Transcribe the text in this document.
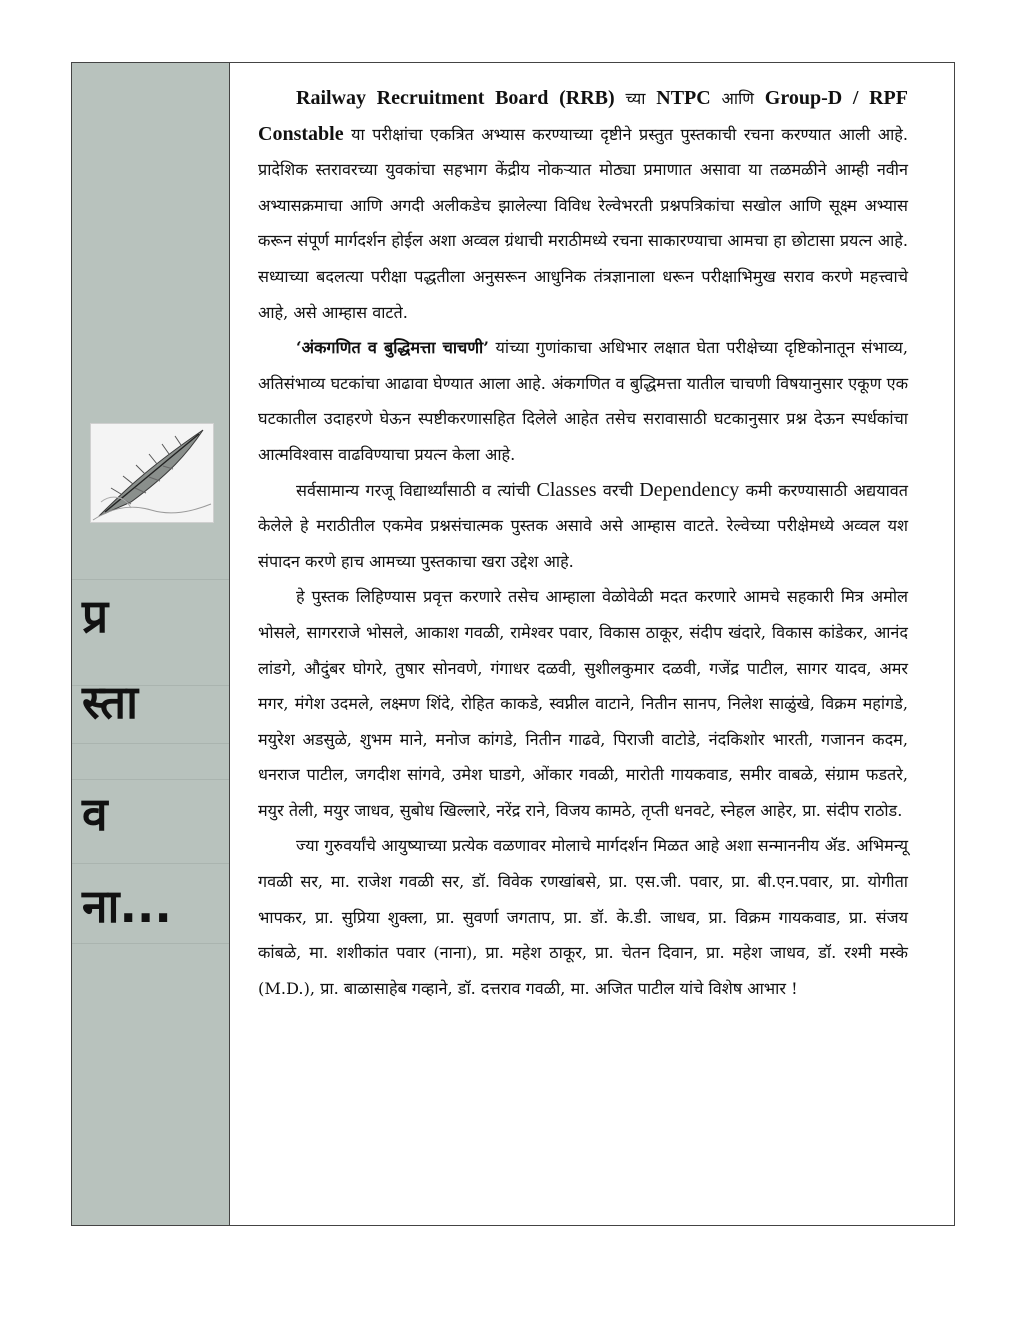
प्र
स्ता
व
ना...

Railway Recruitment Board (RRB) च्या NTPC आणि Group-D / RPF Constable या परीक्षांचा एकत्रित अभ्यास करण्याच्या दृष्टीने प्रस्तुत पुस्तकाची रचना करण्यात आली आहे. प्रादेशिक स्तरावरच्या युवकांचा सहभाग केंद्रीय नोकऱ्यात मोठ्या प्रमाणात असावा या तळमळीने आम्ही नवीन अभ्यासक्रमाचा आणि अगदी अलीकडेच झालेल्या विविध रेल्वेभरती प्रश्नपत्रिकांचा सखोल आणि सूक्ष्म अभ्यास करून संपूर्ण मार्गदर्शन होईल अशा अव्वल ग्रंथाची मराठीमध्ये रचना साकारण्याचा आमचा हा छोटासा प्रयत्न आहे. सध्याच्या बदलत्या परीक्षा पद्धतीला अनुसरून आधुनिक तंत्रज्ञानाला धरून परीक्षाभिमुख सराव करणे महत्त्वाचे आहे, असे आम्हास वाटते.

‘अंकगणित व बुद्धिमत्ता चाचणी’ यांच्या गुणांकाचा अधिभार लक्षात घेता परीक्षेच्या दृष्टिकोनातून संभाव्य, अतिसंभाव्य घटकांचा आढावा घेण्यात आला आहे. अंकगणित व बुद्धिमत्ता यातील चाचणी विषयानुसार एकूण एक घटकातील उदाहरणे घेऊन स्पष्टीकरणासहित दिलेले आहेत तसेच सरावासाठी घटकानुसार प्रश्न देऊन स्पर्धकांचा आत्मविश्वास वाढविण्याचा प्रयत्न केला आहे.

सर्वसामान्य गरजू विद्यार्थ्यांसाठी व त्यांची Classes वरची Dependency कमी करण्यासाठी अद्ययावत केलेले हे मराठीतील एकमेव प्रश्नसंचात्मक पुस्तक असावे असे आम्हास वाटते. रेल्वेच्या परीक्षेमध्ये अव्वल यश संपादन करणे हाच आमच्या पुस्तकाचा खरा उद्देश आहे.

हे पुस्तक लिहिण्यास प्रवृत्त करणारे तसेच आम्हाला वेळोवेळी मदत करणारे आमचे सहकारी मित्र अमोल भोसले, सागरराजे भोसले, आकाश गवळी, रामेश्वर पवार, विकास ठाकूर, संदीप खंदारे, विकास कांडेकर, आनंद लांडगे, औदुंबर घोगरे, तुषार सोनवणे, गंगाधर दळवी, सुशीलकुमार दळवी, गजेंद्र पाटील, सागर यादव, अमर मगर, मंगेश उदमले, लक्ष्मण शिंदे, रोहित काकडे, स्वप्नील वाटाने, नितीन सानप, निलेश साळुंखे, विक्रम महांगडे, मयुरेश अडसुळे, शुभम माने, मनोज कांगडे, नितीन गाढवे, पिराजी वाटोडे, नंदकिशोर भारती, गजानन कदम, धनराज पाटील, जगदीश सांगवे, उमेश घाडगे, ओंकार गवळी, मारोती गायकवाड, समीर वाबळे, संग्राम फडतरे, मयुर तेली, मयुर जाधव, सुबोध खिल्लारे, नरेंद्र राने, विजय कामठे, तृप्ती धनवटे, स्नेहल आहेर, प्रा. संदीप राठोड.

ज्या गुरुवर्यांचे आयुष्याच्या प्रत्येक वळणावर मोलाचे मार्गदर्शन मिळत आहे अशा सन्माननीय ॲड. अभिमन्यू गवळी सर, मा. राजेश गवळी सर, डॉ. विवेक रणखांबसे, प्रा. एस.जी. पवार, प्रा. बी.एन.पवार, प्रा. योगीता भापकर, प्रा. सुप्रिया शुक्ला, प्रा. सुवर्णा जगताप, प्रा. डॉ. के.डी. जाधव, प्रा. विक्रम गायकवाड, प्रा. संजय कांबळे, मा. शशीकांत पवार (नाना), प्रा. महेश ठाकूर, प्रा. चेतन दिवान, प्रा. महेश जाधव, डॉ. रश्मी मस्के (M.D.), प्रा. बाळासाहेब गव्हाने, डॉ. दत्तराव गवळी, मा. अजित पाटील यांचे विशेष आभार !
